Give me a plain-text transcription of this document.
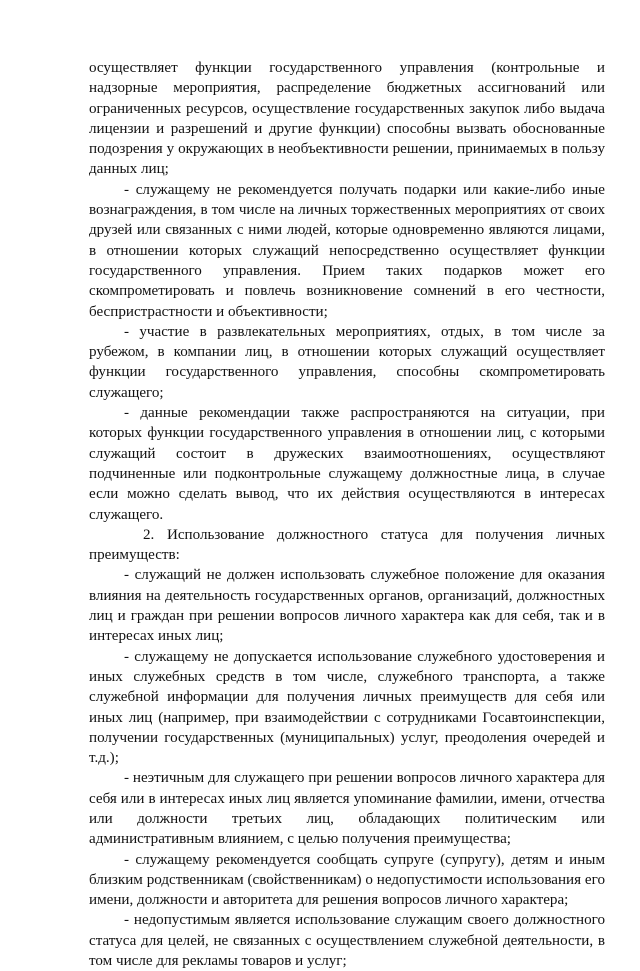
осуществляет функции государственного управления (контрольные и надзорные мероприятия, распределение бюджетных ассигнований или ограниченных ресурсов, осуществление государственных закупок либо выдача лицензии и разрешений и другие функции) способны вызвать обоснованные подозрения у окружающих в необъективности решении, принимаемых в пользу данных лиц;

- служащему не рекомендуется получать подарки или какие-либо иные вознаграждения, в том числе на личных торжественных мероприятиях от своих друзей или связанных с ними людей, которые одновременно являются лицами, в отношении которых служащий непосредственно осуществляет функции государственного управления. Прием таких подарков может его скомпрометировать и повлечь возникновение сомнений в его честности, беспристрастности и объективности;

- участие в развлекательных мероприятиях, отдых, в том числе за рубежом, в компании лиц, в отношении которых служащий осуществляет функции государственного управления, способны скомпрометировать служащего;

- данные рекомендации также распространяются на ситуации, при которых функции государственного управления в отношении лиц, с которыми служащий состоит в дружеских взаимоотношениях, осуществляют подчиненные или подконтрольные служащему должностные лица, в случае если можно сделать вывод, что их действия осуществляются в интересах служащего.

2. Использование должностного статуса для получения личных преимуществ:

- служащий не должен использовать служебное положение для оказания влияния на деятельность государственных органов, организаций, должностных лиц и граждан при решении вопросов личного характера как для себя, так и в интересах иных лиц;

- служащему не допускается использование служебного удостоверения и иных служебных средств в том числе, служебного транспорта, а также служебной информации для получения личных преимуществ для себя или иных лиц (например, при взаимодействии с сотрудниками Госавтоинспекции, получении государственных (муниципальных) услуг, преодоления очередей и т.д.);

- неэтичным для служащего при решении вопросов личного характера для себя или в интересах иных лиц является упоминание фамилии, имени, отчества или должности третьих лиц, обладающих политическим или административным влиянием, с целью получения преимущества;

- служащему рекомендуется сообщать супруге (супругу), детям и иным близким родственникам (свойственникам) о недопустимости использования его имени, должности и авторитета для решения вопросов личного характера;

- недопустимым является использование служащим своего должностного статуса для целей, не связанных с осуществлением служебной деятельности, в том числе для рекламы товаров и услуг;
